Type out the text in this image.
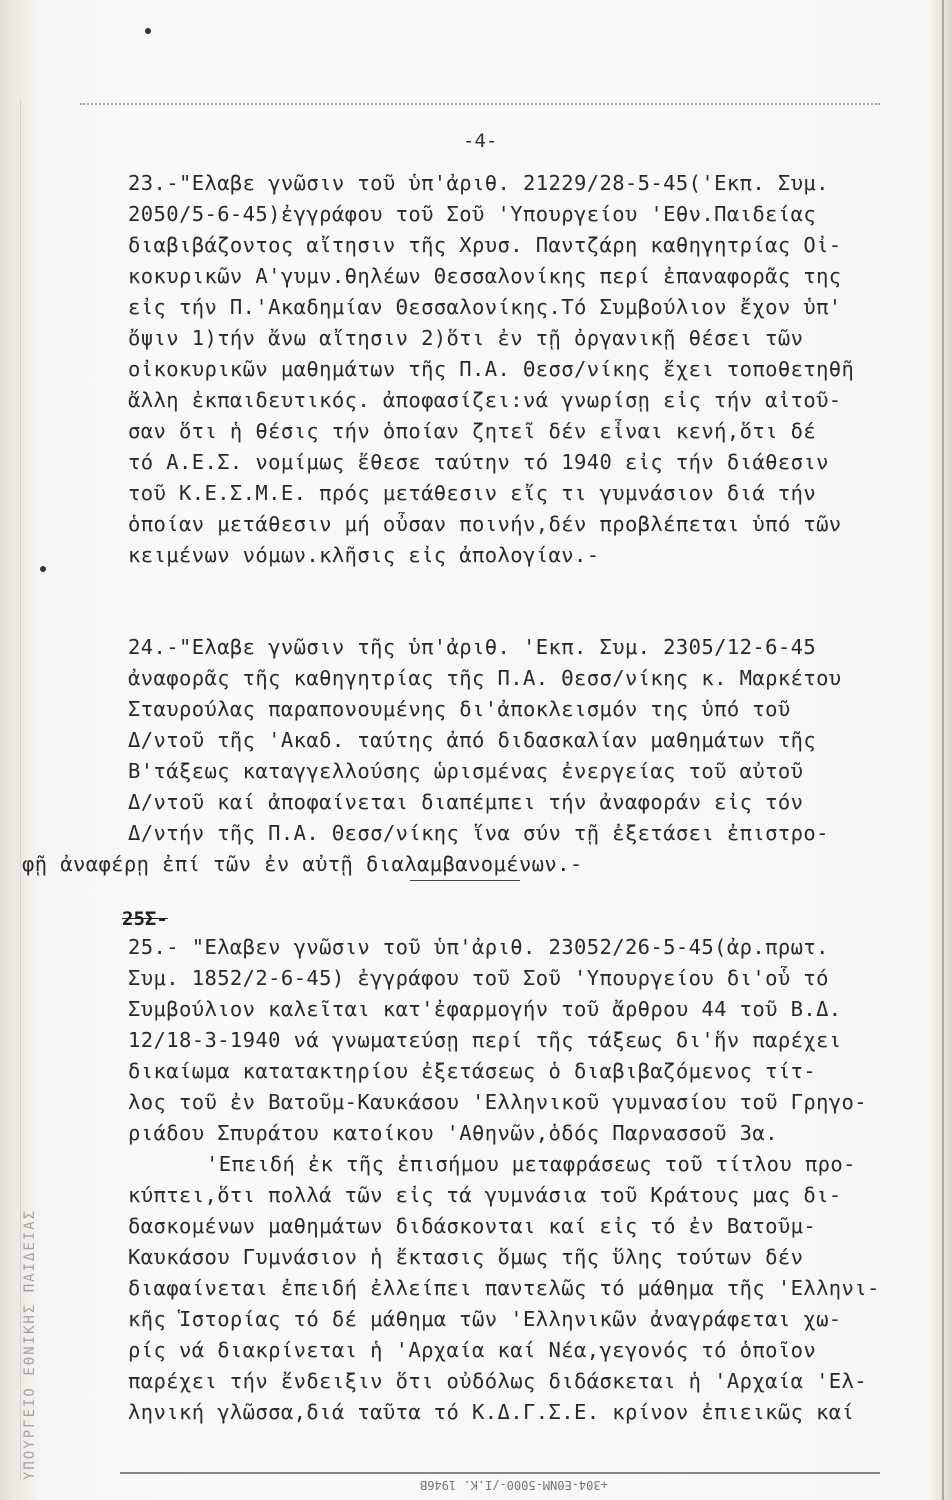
ΥΠΟΥΡΓΕΙΟ ΕΘΝΙΚΗΣ ΠΑΙΔΕΙΑΣ
-4-
23.-"Ελαβε γνῶσιν τοῦ ὑπ'ἀριθ. 21229/28-5-45('Εκπ. Συμ.
2050/5-6-45)ἐγγράφου τοῦ Σοῦ 'Υπουργείου 'Εθν.Παιδείας
διαβιβάζοντος αἴτησιν τῆς Χρυσ. Παντζάρη καθηγητρίας Οἰ-
κοκυρικῶν Α'γυμν.θηλέων Θεσσαλονίκης περί ἐπαναφορᾶς της
εἰς τήν Π.'Ακαδημίαν Θεσσαλονίκης.Τό Συμβούλιον ἔχον ὑπ'
ὄψιν 1)τήν ἄνω αἴτησιν 2)ὅτι ἐν τῇ ὀργανικῇ θέσει τῶν
οἰκοκυρικῶν μαθημάτων τῆς Π.Α. Θεσσ/νίκης ἔχει τοποθετηθῆ
ἄλλη ἐκπαιδευτικός. ἀποφασίζει:νά γνωρίσῃ εἰς τήν αἰτοῦ-
σαν ὅτι ἡ θέσις τήν ὁποίαν ζητεῖ δέν εἶναι κενή,ὅτι δέ
τό Α.Ε.Σ. νομίμως ἔθεσε ταύτην τό 1940 εἰς τήν διάθεσιν
τοῦ Κ.Ε.Σ.Μ.Ε. πρός μετάθεσιν εἴς τι γυμνάσιον διά τήν
ὁποίαν μετάθεσιν μή οὖσαν ποινήν,δέν προβλέπεται ὑπό τῶν
κειμένων νόμων.κλῆσις εἰς ἀπολογίαν.-
24.-"Ελαβε γνῶσιν τῆς ὑπ'ἀριθ. 'Εκπ. Συμ. 2305/12-6-45
ἀναφορᾶς τῆς καθηγητρίας τῆς Π.Α. Θεσσ/νίκης κ. Μαρκέτου
Σταυρούλας παραπονουμένης δι'ἀποκλεισμόν της ὑπό τοῦ
Δ/ντοῦ τῆς 'Ακαδ. ταύτης ἀπό διδασκαλίαν μαθημάτων τῆς
Β'τάξεως καταγγελλούσης ὡρισμένας ἐνεργείας τοῦ αὐτοῦ
Δ/ντοῦ καί ἀποφαίνεται διαπέμπει τήν ἀναφοράν εἰς τόν
Δ/ντήν τῆς Π.Α. Θεσσ/νίκης ἵνα σύν τῇ ἐξετάσει ἐπιστρο-
φῇ ἀναφέρῃ ἐπί τῶν ἐν αὐτῇ διαλαμβανομένων.-
25Σ-
25.- "Ελαβεν γνῶσιν τοῦ ὑπ'ἀριθ. 23052/26-5-45(ἀρ.πρωτ.
Συμ. 1852/2-6-45) ἐγγράφου τοῦ Σοῦ 'Υπουργείου δι'οὗ τό
Συμβούλιον καλεῖται κατ'ἐφαρμογήν τοῦ ἄρθρου 44 τοῦ Β.Δ.
12/18-3-1940 νά γνωματεύσῃ περί τῆς τάξεως δι'ἥν παρέχει
δικαίωμα κατατακτηρίου ἐξετάσεως ὁ διαβιβαζόμενος τίτ-
λος τοῦ ἐν Βατοῦμ-Καυκάσου 'Ελληνικοῦ γυμνασίου τοῦ Γρηγο-
ριάδου Σπυράτου κατοίκου 'Αθηνῶν,ὁδός Παρνασσοῦ 3α.
'Επειδή ἐκ τῆς ἐπισήμου μεταφράσεως τοῦ τίτλου προ-
κύπτει,ὅτι πολλά τῶν εἰς τά γυμνάσια τοῦ Κράτους μας δι-
δασκομένων μαθημάτων διδάσκονται καί εἰς τό ἐν Βατοῦμ-
Καυκάσου Γυμνάσιον ἡ ἔκτασις ὅμως τῆς ὕλης τούτων δέν
διαφαίνεται ἐπειδή ἐλλείπει παντελῶς τό μάθημα τῆς 'Ελληνι-
κῆς Ἱστορίας τό δέ μάθημα τῶν 'Ελληνικῶν ἀναγράφεται χω-
ρίς νά διακρίνεται ἡ 'Αρχαία καί Νέα,γεγονός τό ὁποῖον
παρέχει τήν ἔνδειξιν ὅτι οὐδόλως διδάσκεται ἡ 'Αρχαία 'Ελ-
ληνική γλῶσσα,διά ταῦτα τό Κ.Δ.Γ.Σ.Ε. κρίνον ἐπιεικῶς καί
+304-ΕΘΝΜ-5000-/Ι.Κ. 1946Β
